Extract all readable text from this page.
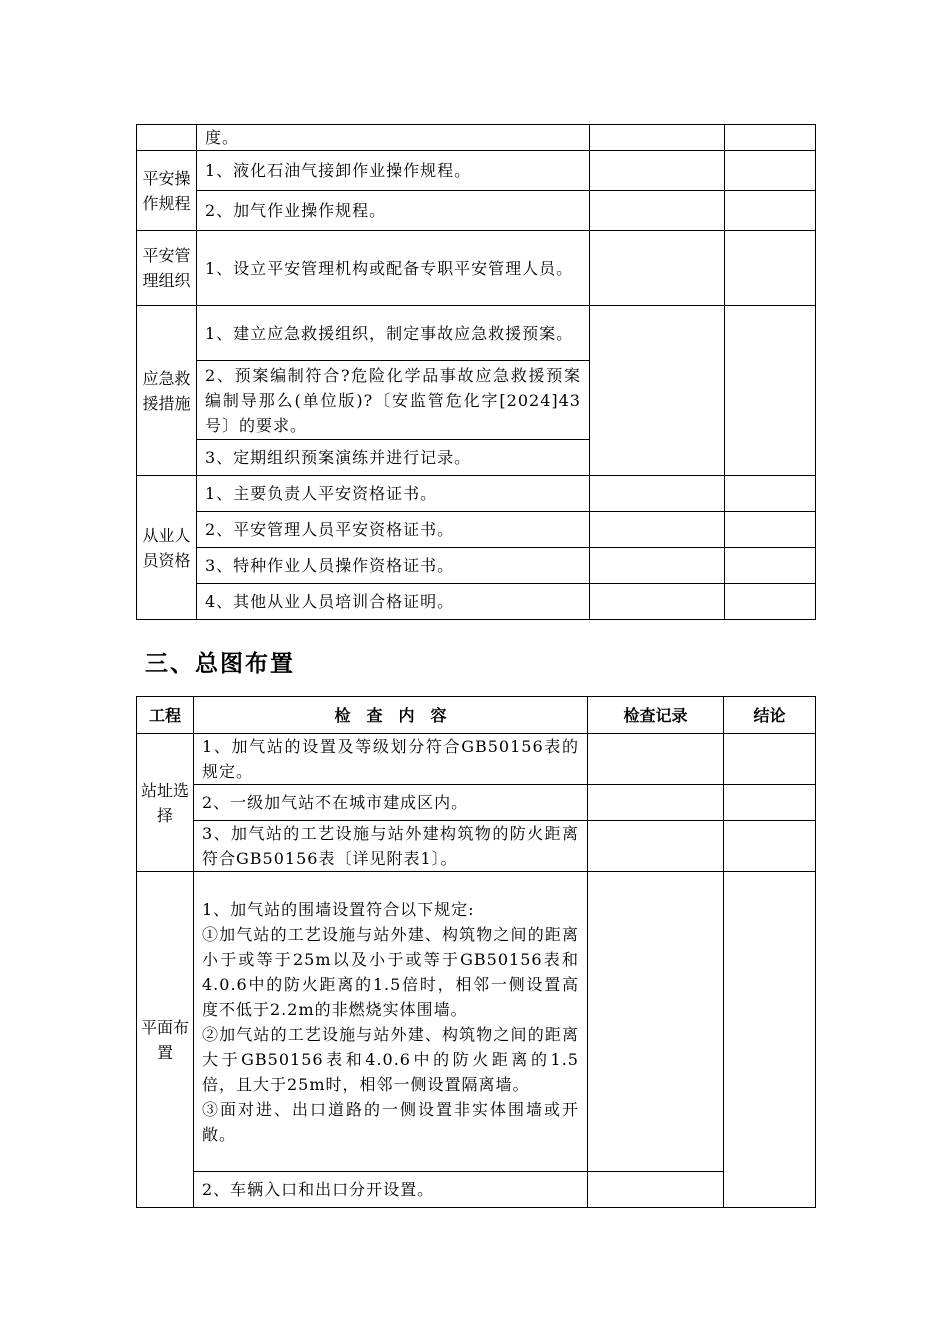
	度。		
平安操作规程	1、液化石油气接卸作业操作规程。		
	2、加气作业操作规程。		
平安管理组织	1、设立平安管理机构或配备专职平安管理人员。		
应急救援措施	1、建立应急救援组织，制定事故应急救援预案。		
	2、预案编制符合?危险化学品事故应急救援预案编制导那么(单位版)?〔安监管危化字[2024]43号〕的要求。		
	3、定期组织预案演练并进行记录。		
从业人员资格	1、主要负责人平安资格证书。		
	2、平安管理人员平安资格证书。		
	3、特种作业人员操作资格证书。		
	4、其他从业人员培训合格证明。		
三、总图布置
工程	检　查　内　容	检查记录	结论
站址选择	1、加气站的设置及等级划分符合GB50156表的规定。		
	2、一级加气站不在城市建成区内。		
	3、加气站的工艺设施与站外建构筑物的防火距离符合GB50156表〔详见附表1〕。		
平面布置	1、加气站的围墙设置符合以下规定:
①加气站的工艺设施与站外建、构筑物之间的距离小于或等于25m以及小于或等于GB50156表和4.0.6中的防火距离的1.5倍时，相邻一侧设置高度不低于2.2m的非燃烧实体围墙。
②加气站的工艺设施与站外建、构筑物之间的距离大于GB50156表和4.0.6中的防火距离的1.5倍，且大于25m时，相邻一侧设置隔离墙。
③面对进、出口道路的一侧设置非实体围墙或开敞。		

	2、车辆入口和出口分开设置。		
